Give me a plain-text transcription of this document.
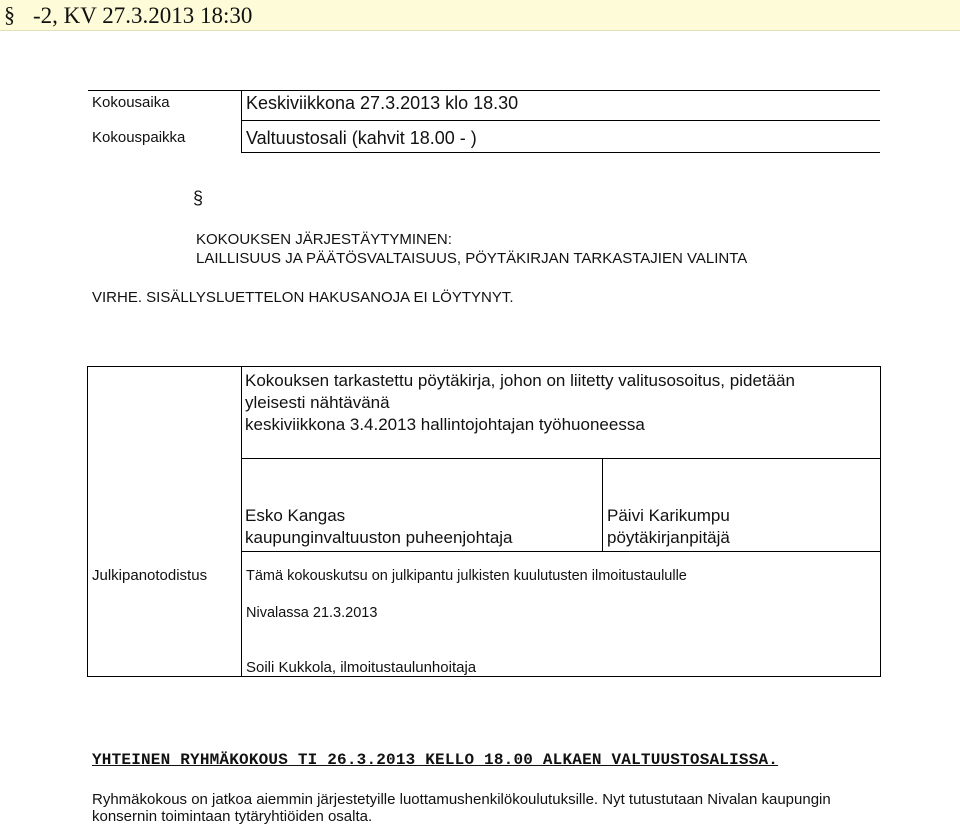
§ -2, KV 27.3.2013 18:30
Kokousaika	Keskiviikkona 27.3.2013 klo 18.30
Kokouspaikka	Valtuustosali (kahvit 18.00 - )
§
KOKOUKSEN JÄRJESTÄYTYMINEN:
LAILLISUUS JA PÄÄTÖSVALTAISUUS, PÖYTÄKIRJAN TARKASTAJIEN VALINTA
VIRHE. SISÄLLYSLUETTELON HAKUSANOJA EI LÖYTYNYT.
Kokouksen tarkastettu pöytäkirja, johon on liitetty valitusosoitus, pidetään
yleisesti nähtävänä
keskiviikkona 3.4.2013 hallintojohtajan työhuoneessa
Esko Kangas
kaupunginvaltuuston puheenjohtaja
Päivi Karikumpu
pöytäkirjanpitäjä
Julkipanotodistus	Tämä kokouskutsu on julkipantu julkisten kuulutusten ilmoitustaululle
Nivalassa 21.3.2013
Soili Kukkola, ilmoitustaulunhoitaja
YHTEINEN RYHMÄKOKOUS TI 26.3.2013 KELLO 18.00 ALKAEN VALTUUSTOSALISSA.
Ryhmäkokous on jatkoa aiemmin järjestetyille luottamushenkilökoulutuksille. Nyt tutustutaan Nivalan kaupungin
konsernin toimintaan tytäryhtiöiden osalta.
